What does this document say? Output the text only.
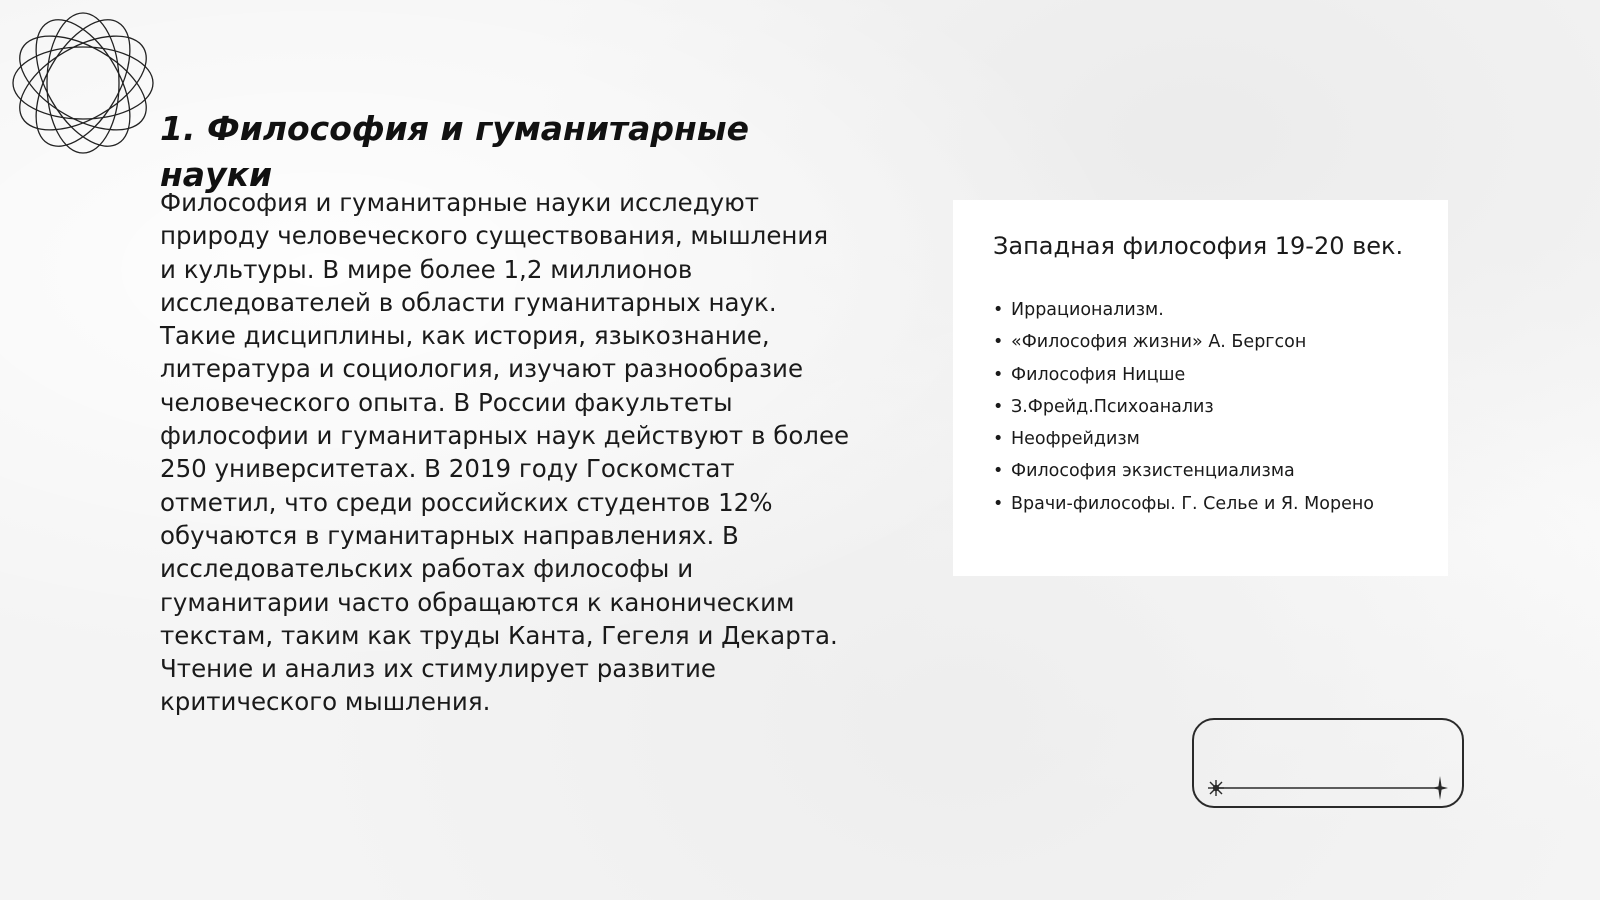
1. Философия и гуманитарные науки

Философия и гуманитарные науки исследуют природу человеческого существования, мышления и культуры. В мире более 1,2 миллионов исследователей в области гуманитарных наук. Такие дисциплины, как история, языкознание, литература и социология, изучают разнообразие человеческого опыта. В России факультеты философии и гуманитарных наук действуют в более 250 университетах. В 2019 году Госкомстат отметил, что среди российских студентов 12% обучаются в гуманитарных направлениях. В исследовательских работах философы и гуманитарии часто обращаются к каноническим текстам, таким как труды Канта, Гегеля и Декарта. Чтение и анализ их стимулирует развитие критического мышления.

Западная философия 19-20 век.
• Иррационализм.
• «Философия жизни» А. Бергсон
• Философия Ницше
• З.Фрейд.Психоанализ
• Неофрейдизм
• Философия экзистенциализма
• Врачи-философы. Г. Селье и Я. Морено
